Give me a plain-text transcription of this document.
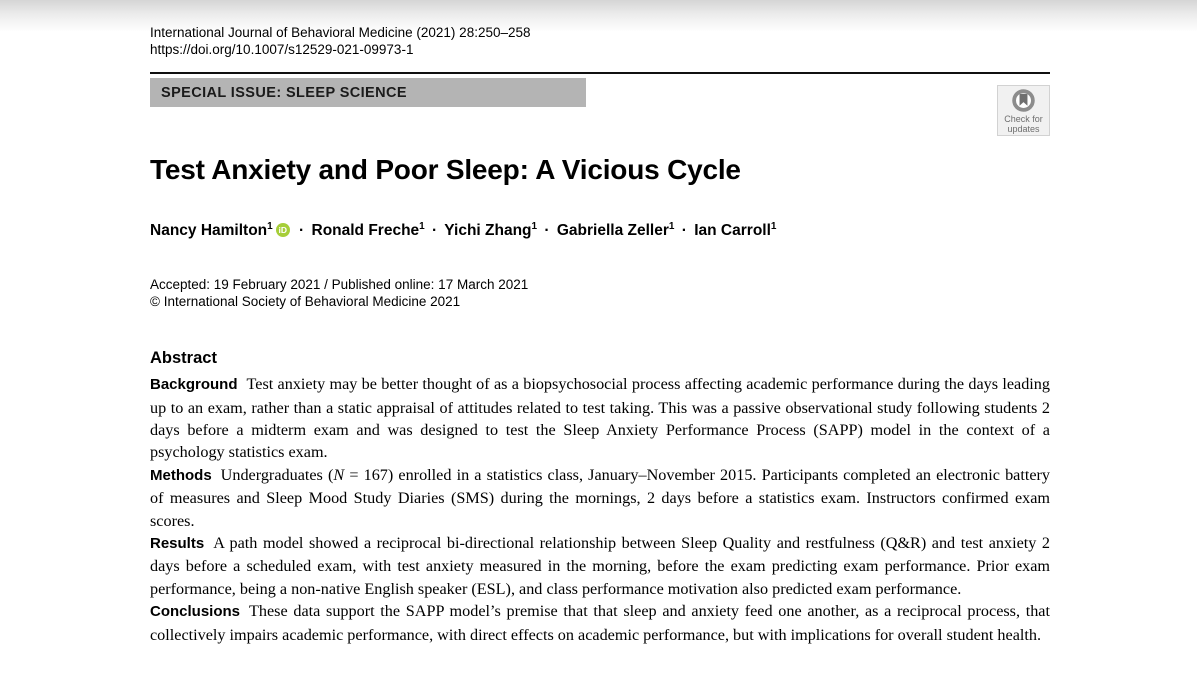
International Journal of Behavioral Medicine (2021) 28:250–258
https://doi.org/10.1007/s12529-021-09973-1
SPECIAL ISSUE: SLEEP SCIENCE
Check for
updates
Test Anxiety and Poor Sleep: A Vicious Cycle
Nancy Hamilton$^1$ iD · Ronald Freche$^1$ · Yichi Zhang$^1$ · Gabriella Zeller$^1$ · Ian Carroll$^1$
Accepted: 19 February 2021 / Published online: 17 March 2021
© International Society of Behavioral Medicine 2021
Abstract

Background Test anxiety may be better thought of as a biopsychosocial process affecting academic performance during the days leading up to an exam, rather than a static appraisal of attitudes related to test taking. This was a passive observational study following students 2 days before a midterm exam and was designed to test the Sleep Anxiety Performance Process (SAPP) model in the context of a psychology statistics exam.

Methods Undergraduates (N = 167) enrolled in a statistics class, January–November 2015. Participants completed an electronic battery of measures and Sleep Mood Study Diaries (SMS) during the mornings, 2 days before a statistics exam. Instructors confirmed exam scores.

Results A path model showed a reciprocal bi-directional relationship between Sleep Quality and restfulness (Q&R) and test anxiety 2 days before a scheduled exam, with test anxiety measured in the morning, before the exam predicting exam performance. Prior exam performance, being a non-native English speaker (ESL), and class performance motivation also predicted exam performance.

Conclusions These data support the SAPP model’s premise that that sleep and anxiety feed one another, as a reciprocal process, that collectively impairs academic performance, with direct effects on academic performance, but with implications for overall student health.
